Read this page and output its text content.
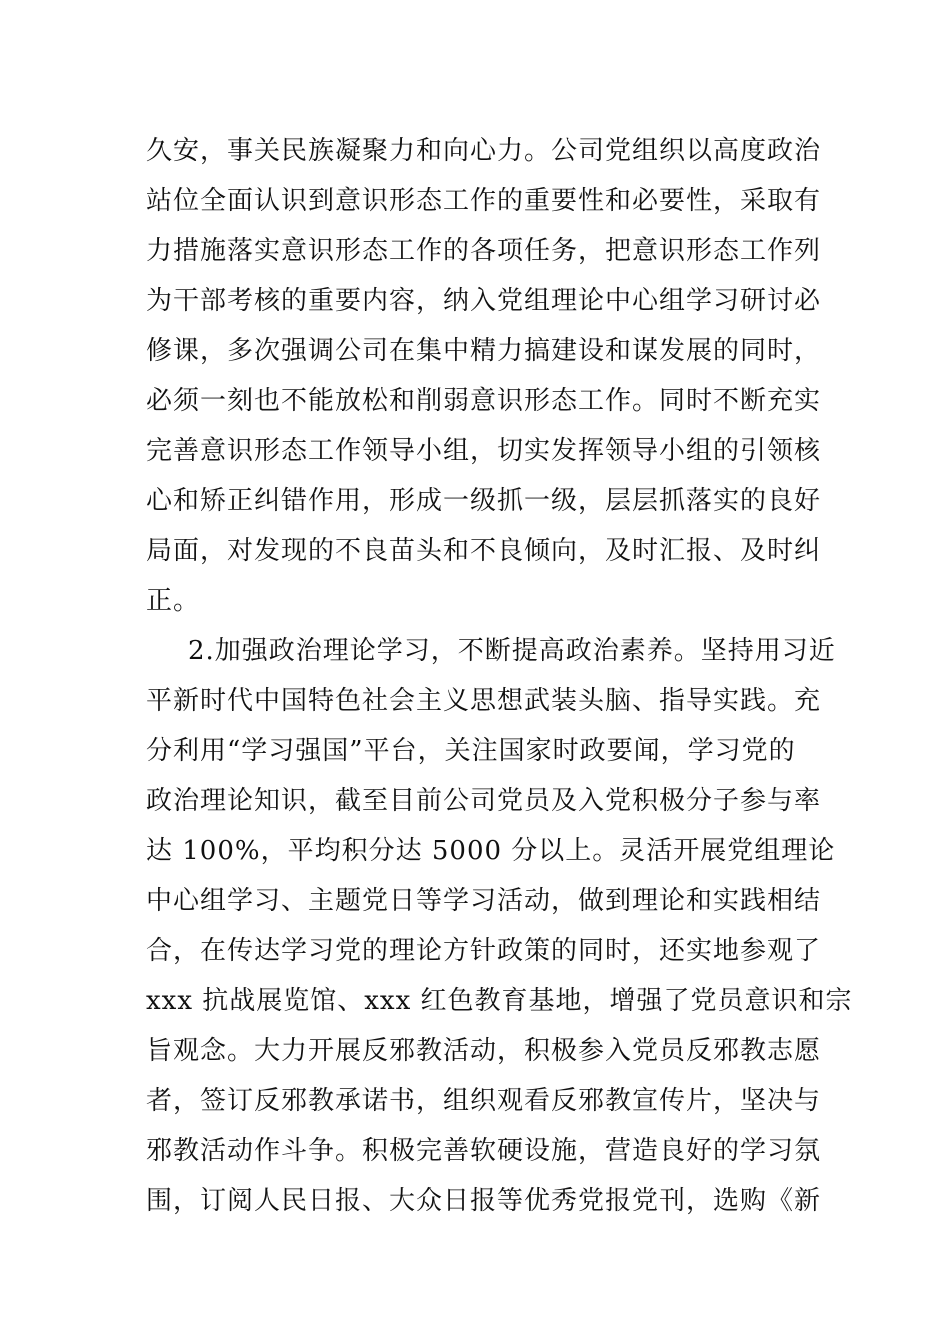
久安，事关民族凝聚力和向心力。公司党组织以高度政治
站位全面认识到意识形态工作的重要性和必要性，采取有
力措施落实意识形态工作的各项任务，把意识形态工作列
为干部考核的重要内容，纳入党组理论中心组学习研讨必
修课，多次强调公司在集中精力搞建设和谋发展的同时，
必须一刻也不能放松和削弱意识形态工作。同时不断充实
完善意识形态工作领导小组，切实发挥领导小组的引领核
心和矫正纠错作用，形成一级抓一级，层层抓落实的良好
局面，对发现的不良苗头和不良倾向，及时汇报、及时纠
正。
2.加强政治理论学习，不断提高政治素养。坚持用习近
平新时代中国特色社会主义思想武装头脑、指导实践。充
分利用“学习强国”平台，关注国家时政要闻，学习党的
政治理论知识，截至目前公司党员及入党积极分子参与率
达 100%，平均积分达 5000 分以上。灵活开展党组理论
中心组学习、主题党日等学习活动，做到理论和实践相结
合，在传达学习党的理论方针政策的同时，还实地参观了
xxx 抗战展览馆、xxx 红色教育基地，增强了党员意识和宗
旨观念。大力开展反邪教活动，积极参入党员反邪教志愿
者，签订反邪教承诺书，组织观看反邪教宣传片，坚决与
邪教活动作斗争。积极完善软硬设施，营造良好的学习氛
围，订阅人民日报、大众日报等优秀党报党刊，选购《新
